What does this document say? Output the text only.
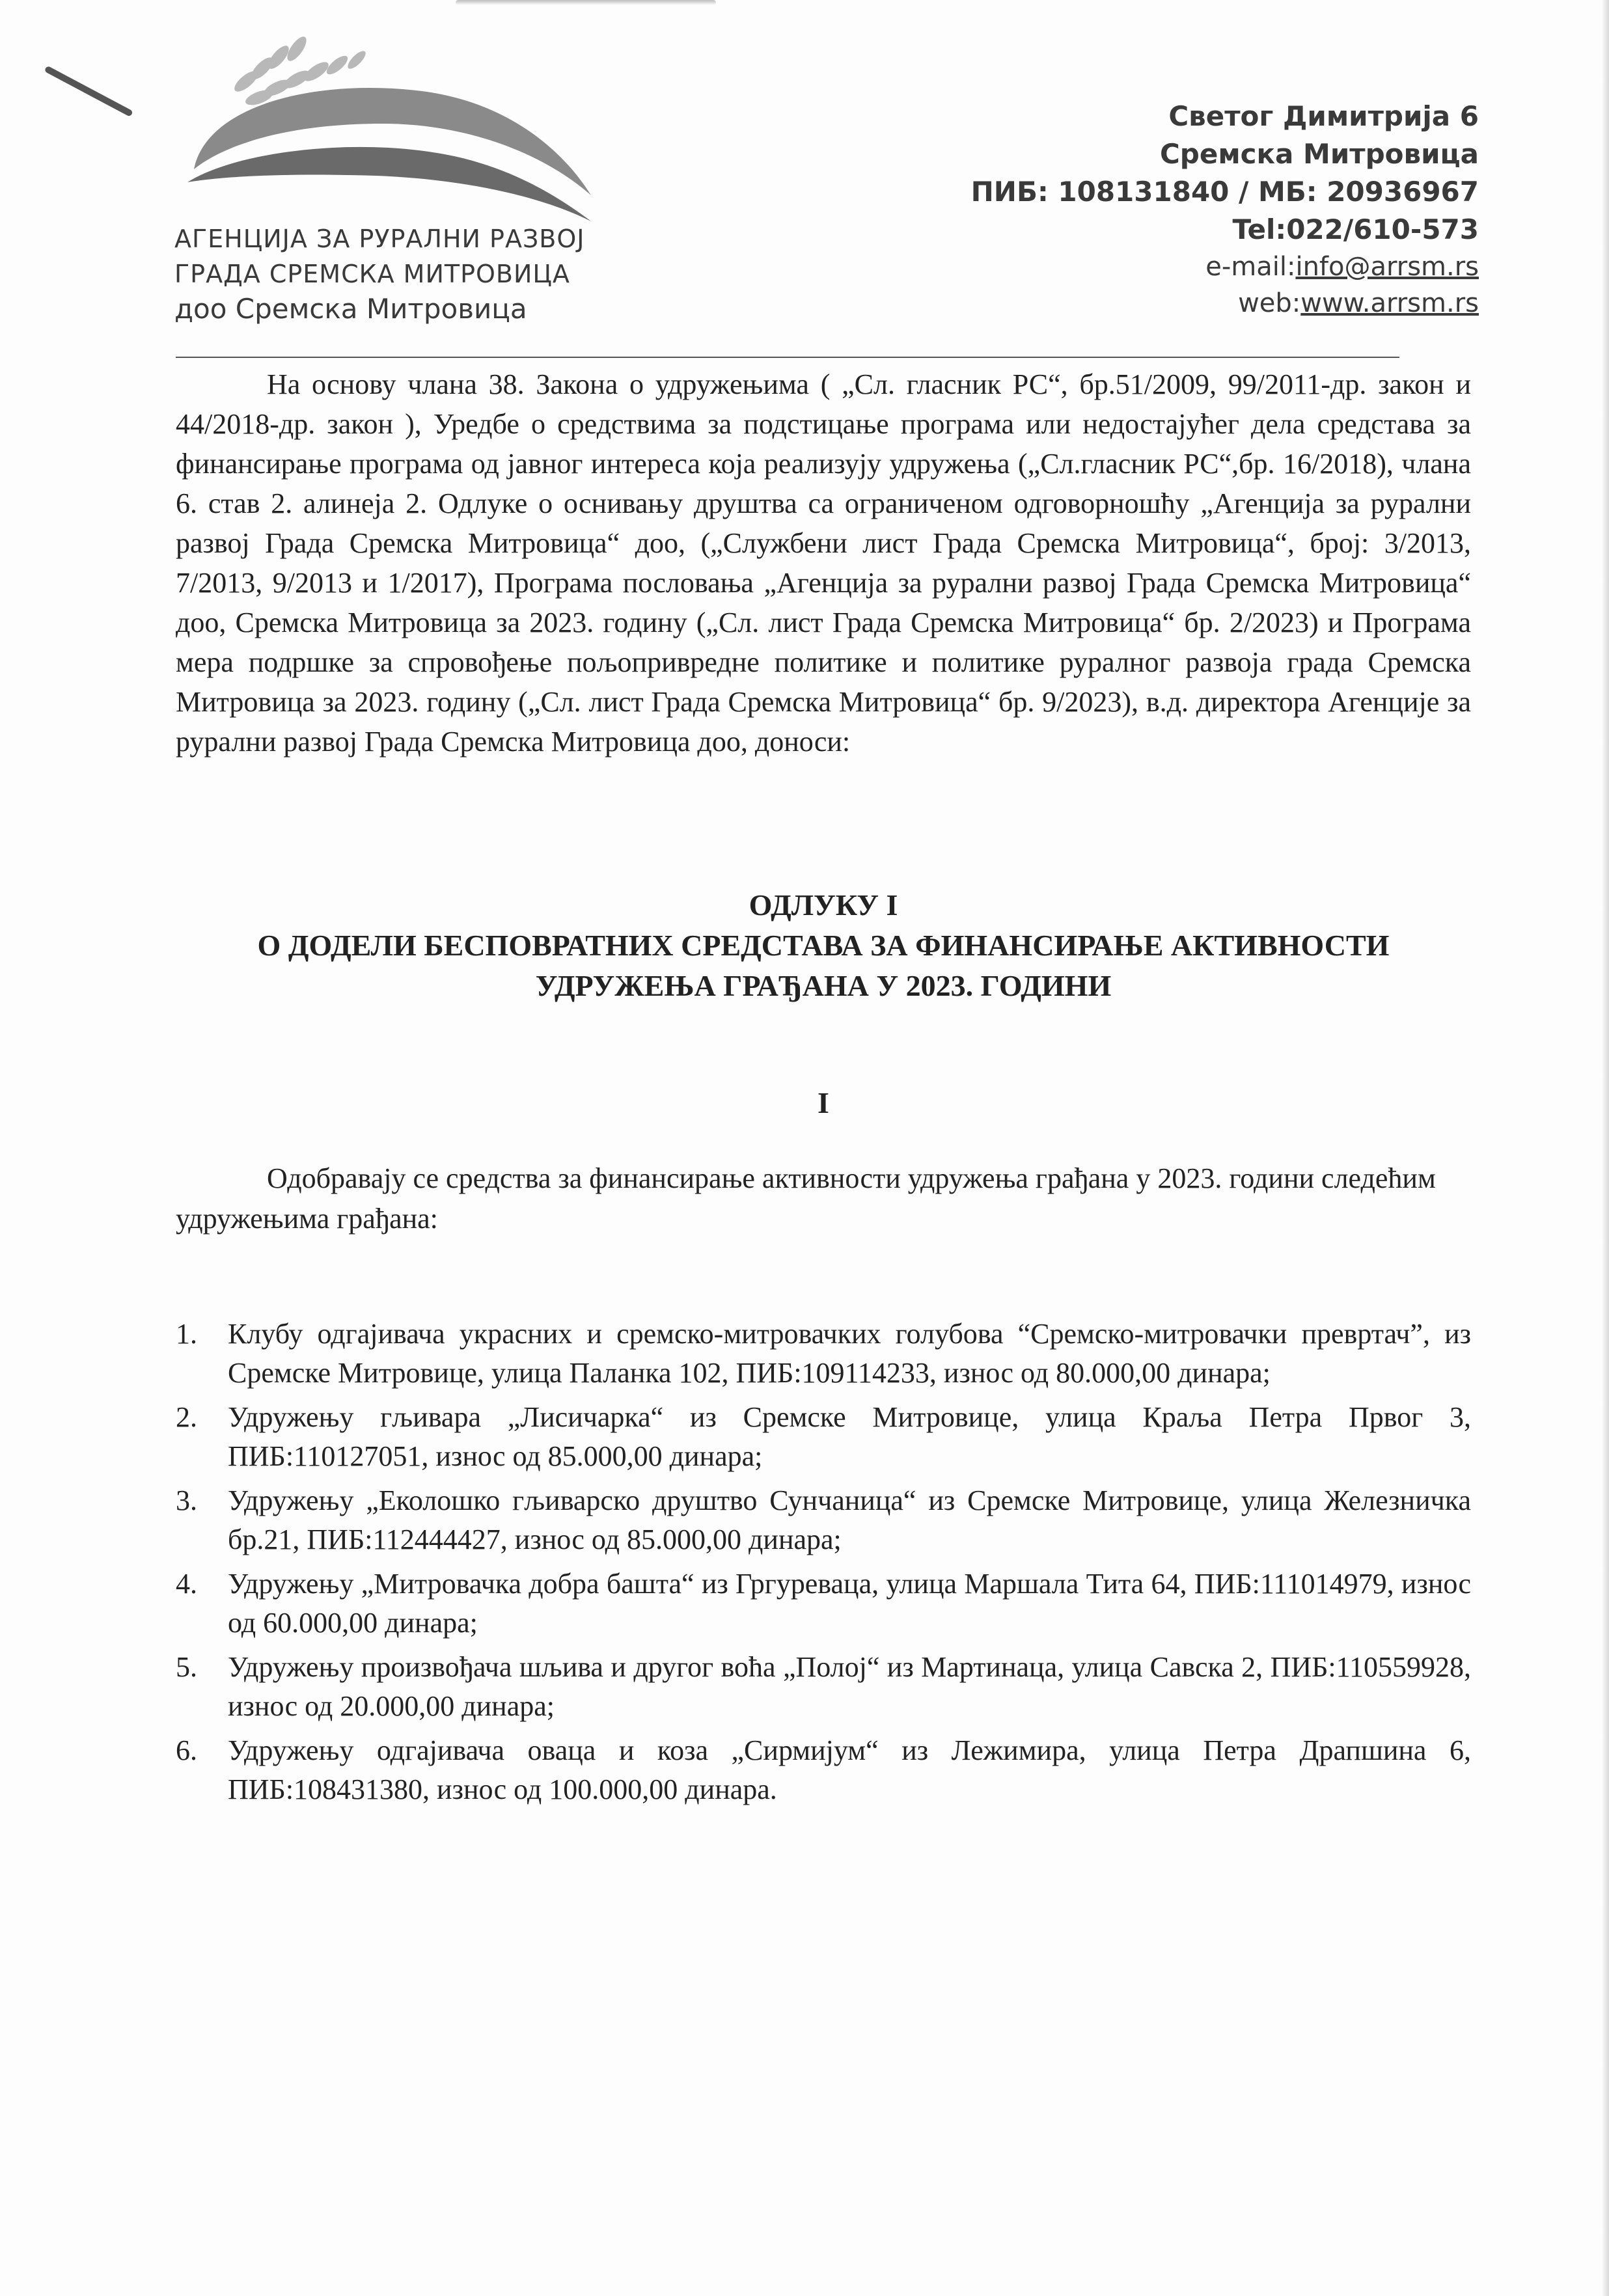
АГЕНЦИЈА ЗА РУРАЛНИ РАЗВОЈ
ГРАДА СРЕМСКА МИТРОВИЦА
доо Сремска Митровица
Светог Димитрија 6
Сремска Митровица
ПИБ: 108131840 / МБ: 20936967
Tel:022/610-573
e-mail:info@arrsm.rs
web:www.arrsm.rs

На основу члана 38. Закона о удружењима ( „Сл. гласник РС“, бр.51/2009, 99/2011-др. закон и 44/2018-др. закон ), Уредбе о средствима за подстицање програма или недостајућег дела средстава за финансирање програма од јавног интереса која реализују удружења („Сл.гласник РС“,бр. 16/2018), члана 6. став 2. алинеја 2. Одлуке о оснивању друштва са ограниченом одговорношћу „Агенција за рурални развој Града Сремска Митровица“ доо, („Службени лист Града Сремска Митровица“, број: 3/2013, 7/2013, 9/2013 и 1/2017), Програма пословања „Агенција за рурални развој Града Сремска Митровица“ доо, Сремска Митровица за 2023. годину („Сл. лист Града Сремска Митровица“ бр. 2/2023) и Програма мера подршке за спровођење пољопривредне политике и политике руралног развоја града Сремска Митровица за 2023. годину („Сл. лист Града Сремска Митровица“ бр. 9/2023), в.д. директора Агенције за рурални развој Града Сремска Митровица доо, доноси:

ОДЛУКУ I
О ДОДЕЛИ БЕСПОВРАТНИХ СРЕДСТАВА ЗА ФИНАНСИРАЊЕ АКТИВНОСТИ
УДРУЖЕЊА ГРАЂАНА У 2023. ГОДИНИ
I

Одобравају се средства за финансирање активности удружења грађана у 2023. години следећим удружењима грађана:

1. Клубу одгајивача украсних и сремско-митровачких голубова “Сремско-митровачки превртач”, из Сремске Митровице, улица Паланка 102, ПИБ:109114233, износ од 80.000,00 динара;
2. Удружењу гљивара „Лисичарка“ из Сремске Митровице, улица Краља Петра Првог 3, ПИБ:110127051, износ од 85.000,00 динара;
3. Удружењу „Еколошко гљиварско друштво Сунчаница“ из Сремске Митровице, улица Железничка бр.21, ПИБ:112444427, износ од 85.000,00 динара;
4. Удружењу „Митровачка добра башта“ из Гргуреваца, улица Маршала Тита 64, ПИБ:111014979, износ од 60.000,00 динара;
5. Удружењу произвођача шљива и другог воћа „Полој“ из Мартинаца, улица Савска 2, ПИБ:110559928, износ од 20.000,00 динара;
6. Удружењу одгајивача оваца и коза „Сирмијум“ из Лежимира, улица Петра Драпшина 6, ПИБ:108431380, износ од 100.000,00 динара.
